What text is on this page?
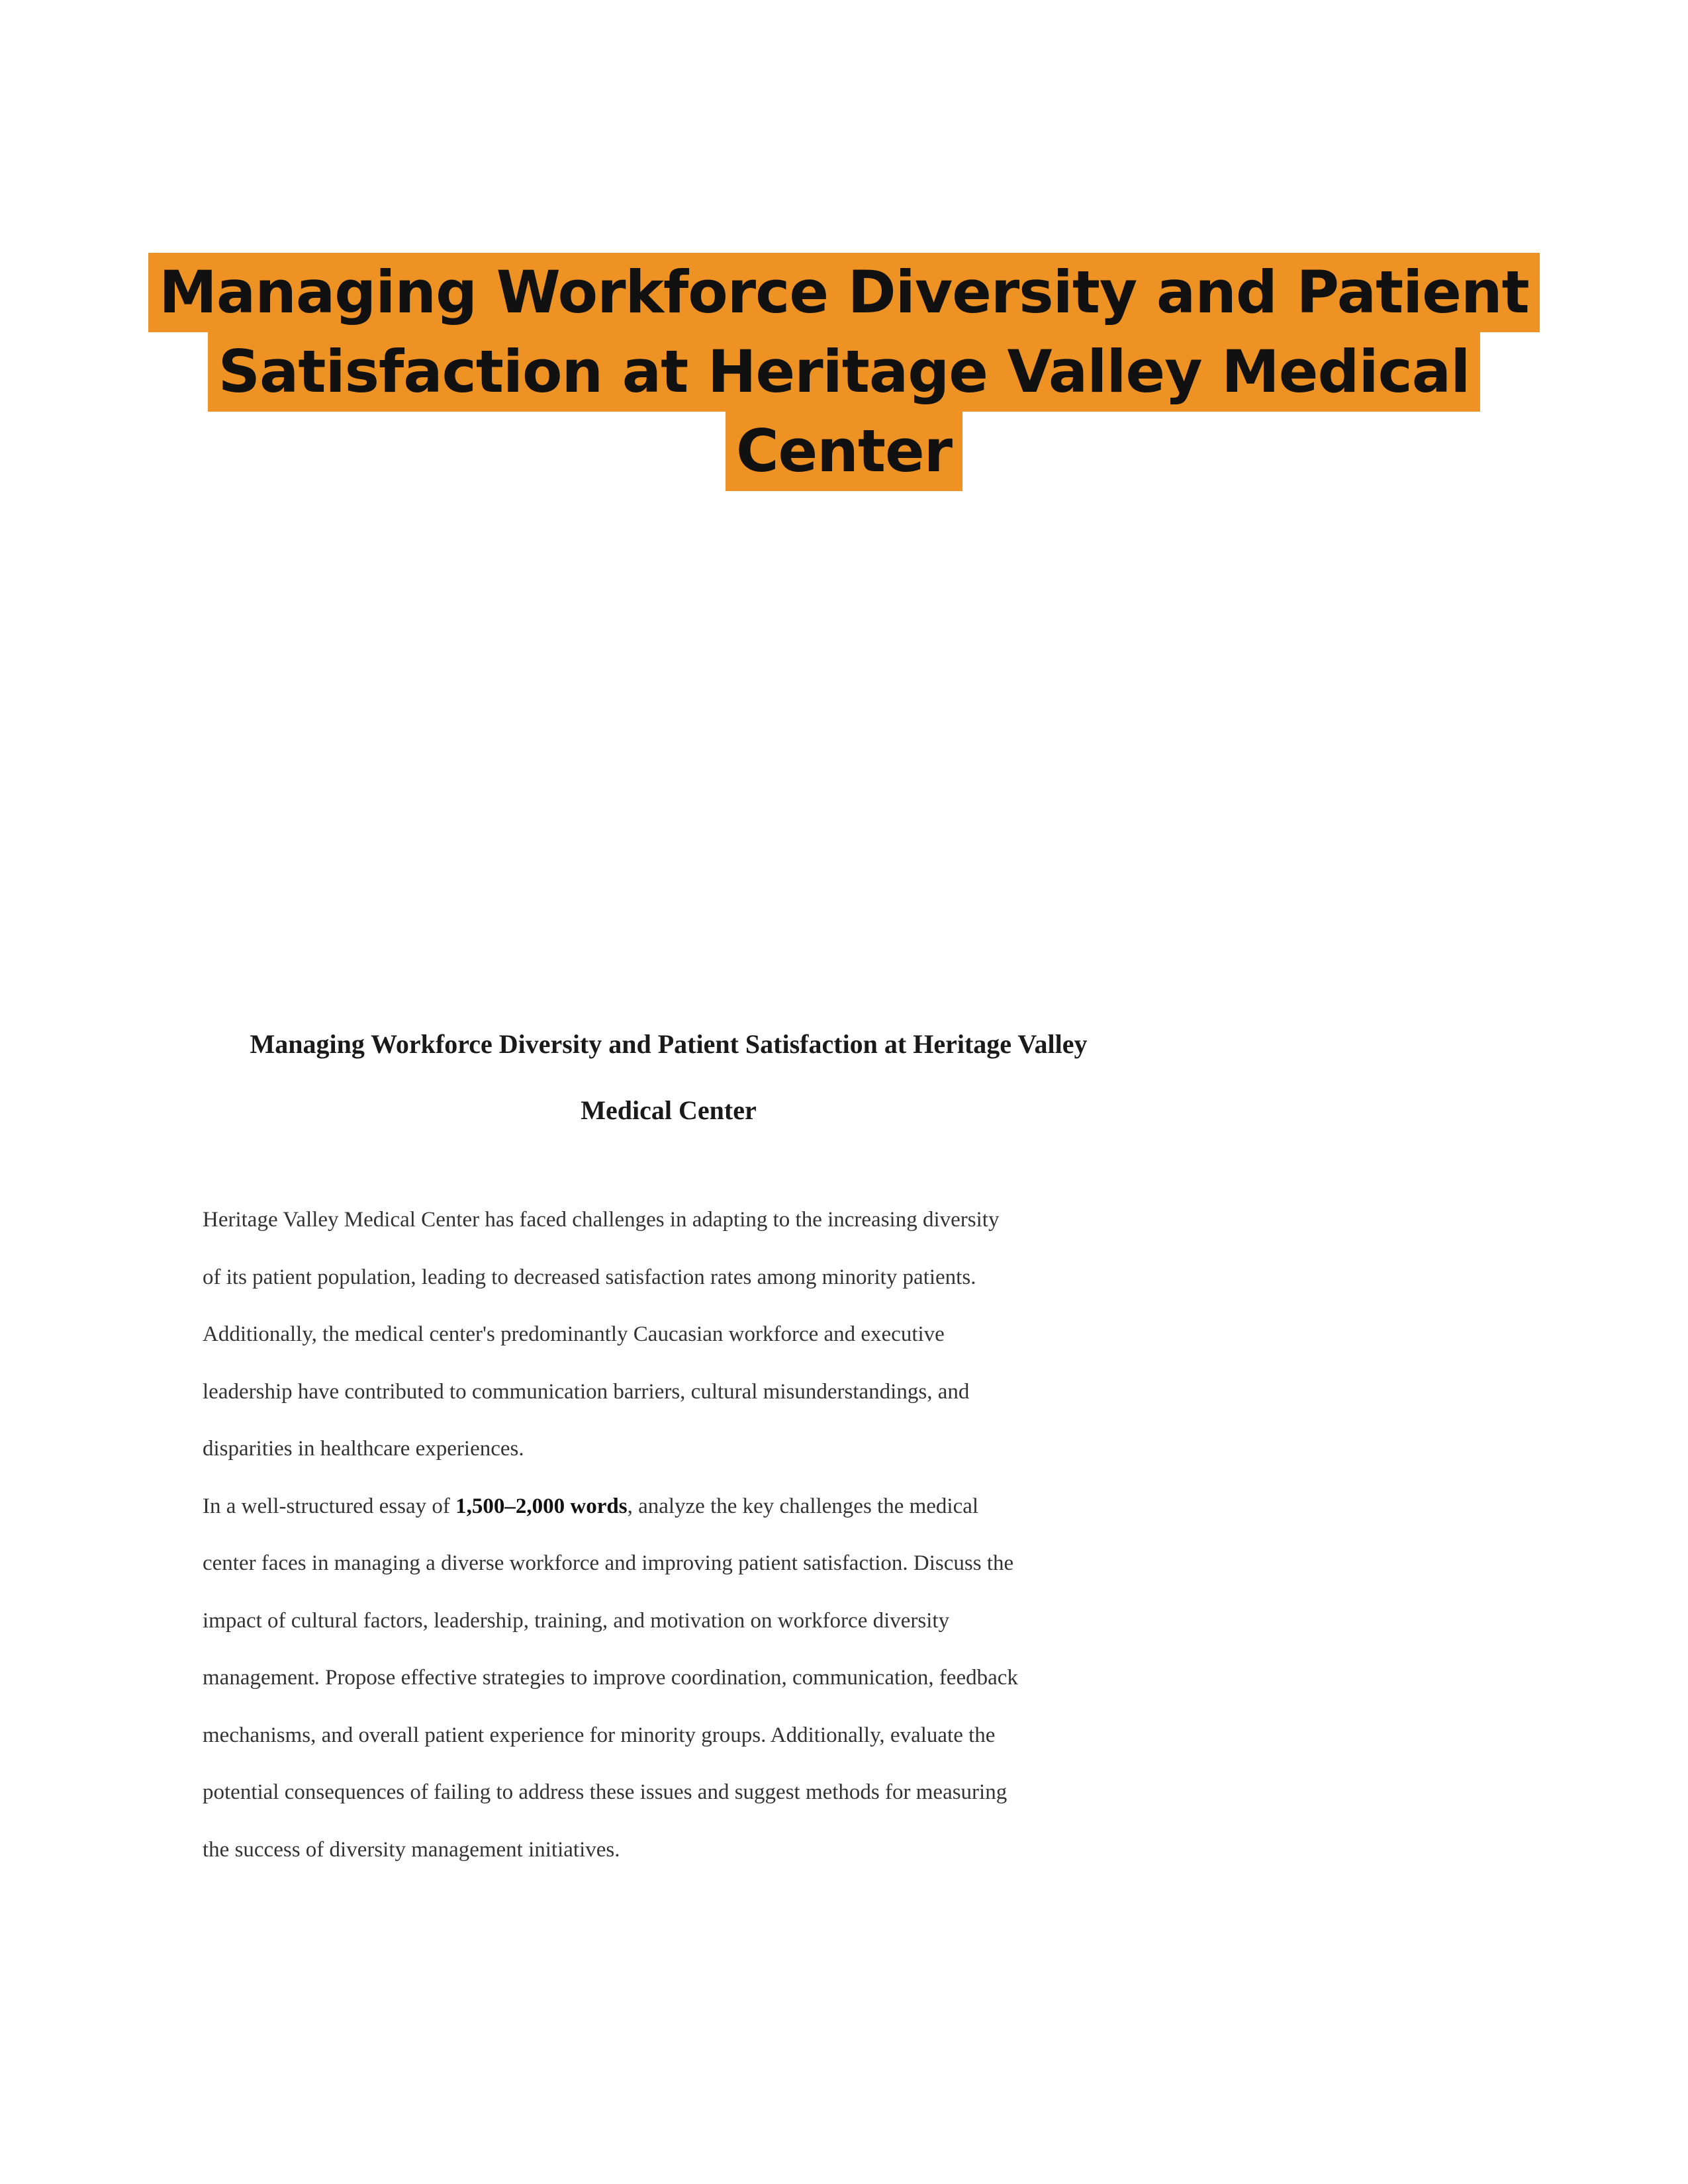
Managing Workforce Diversity and Patient
Satisfaction at Heritage Valley Medical
Center
Managing Workforce Diversity and Patient Satisfaction at Heritage Valley
Medical Center

Heritage Valley Medical Center has faced challenges in adapting to the increasing diversity

of its patient population, leading to decreased satisfaction rates among minority patients.

Additionally, the medical center's predominantly Caucasian workforce and executive

leadership have contributed to communication barriers, cultural misunderstandings, and

disparities in healthcare experiences.

In a well-structured essay of 1,500–2,000 words, analyze the key challenges the medical

center faces in managing a diverse workforce and improving patient satisfaction. Discuss the

impact of cultural factors, leadership, training, and motivation on workforce diversity

management. Propose effective strategies to improve coordination, communication, feedback

mechanisms, and overall patient experience for minority groups. Additionally, evaluate the

potential consequences of failing to address these issues and suggest methods for measuring

the success of diversity management initiatives.
